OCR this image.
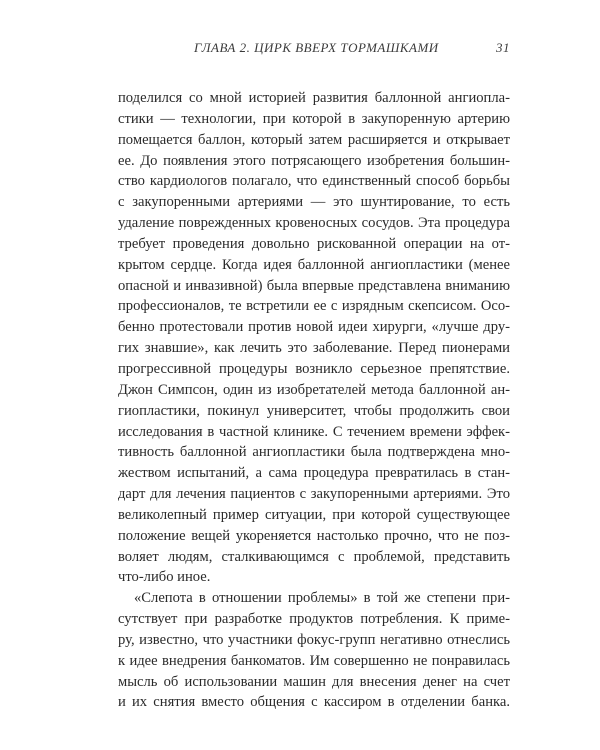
ГЛАВА 2. ЦИРК ВВЕРХ ТОРМАШКАМИ	31

поделился со мной историей развития баллонной ангиопла-
стики — технологии, при которой в закупоренную артерию
помещается баллон, который затем расширяется и открывает
ее. До появления этого потрясающего изобретения большин-
ство кардиологов полагало, что единственный способ борьбы
с закупоренными артериями — это шунтирование, то есть
удаление поврежденных кровеносных сосудов. Эта процедура
требует проведения довольно рискованной операции на от-
крытом сердце. Когда идея баллонной ангиопластики (менее
опасной и инвазивной) была впервые представлена вниманию
профессионалов, те встретили ее с изрядным скепсисом. Осо-
бенно протестовали против новой идеи хирурги, «лучше дру-
гих знавшие», как лечить это заболевание. Перед пионерами
прогрессивной процедуры возникло серьезное препятствие.
Джон Симпсон, один из изобретателей метода баллонной ан-
гиопластики, покинул университет, чтобы продолжить свои
исследования в частной клинике. С течением времени эффек-
тивность баллонной ангиопластики была подтверждена мно-
жеством испытаний, а сама процедура превратилась в стан-
дарт для лечения пациентов с закупоренными артериями. Это
великолепный пример ситуации, при которой существующее
положение вещей укореняется настолько прочно, что не поз-
воляет людям, сталкивающимся с проблемой, представить
что-либо иное.

«Слепота в отношении проблемы» в той же степени при-
сутствует при разработке продуктов потребления. К приме-
ру, известно, что участники фокус-групп негативно отнеслись
к идее внедрения банкоматов. Им совершенно не понравилась
мысль об использовании машин для внесения денег на счет
и их снятия вместо общения с кассиром в отделении банка.
